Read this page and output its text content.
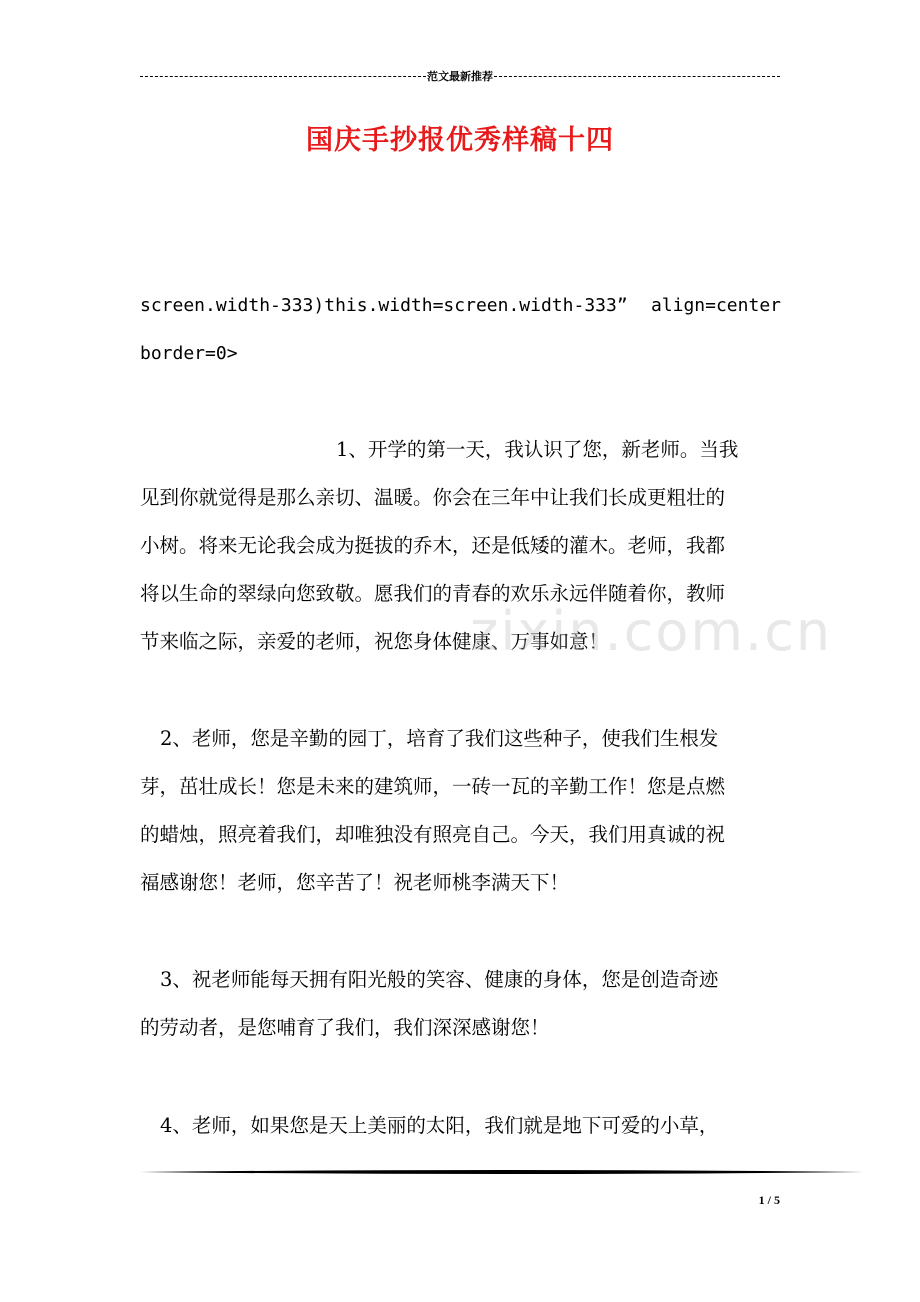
范文最新推荐
国庆手抄报优秀样稿十四
screen.width-333)this.width=screen.width-333” align=center
border=0>
1、开学的第一天，我认识了您，新老师。当我
见到你就觉得是那么亲切、温暖。你会在三年中让我们长成更粗壮的
小树。将来无论我会成为挺拔的乔木，还是低矮的灌木。老师，我都
将以生命的翠绿向您致敬。愿我们的青春的欢乐永远伴随着你，教师
节来临之际，亲爱的老师，祝您身体健康、万事如意！
2、老师，您是辛勤的园丁，培育了我们这些种子，使我们生根发
芽，茁壮成长！您是未来的建筑师，一砖一瓦的辛勤工作！您是点燃
的蜡烛，照亮着我们，却唯独没有照亮自己。今天，我们用真诚的祝
福感谢您！老师，您辛苦了！祝老师桃李满天下！
3、祝老师能每天拥有阳光般的笑容、健康的身体，您是创造奇迹
的劳动者，是您哺育了我们，我们深深感谢您！
4、老师，如果您是天上美丽的太阳，我们就是地下可爱的小草，
zixin.com.cn
1 / 5
